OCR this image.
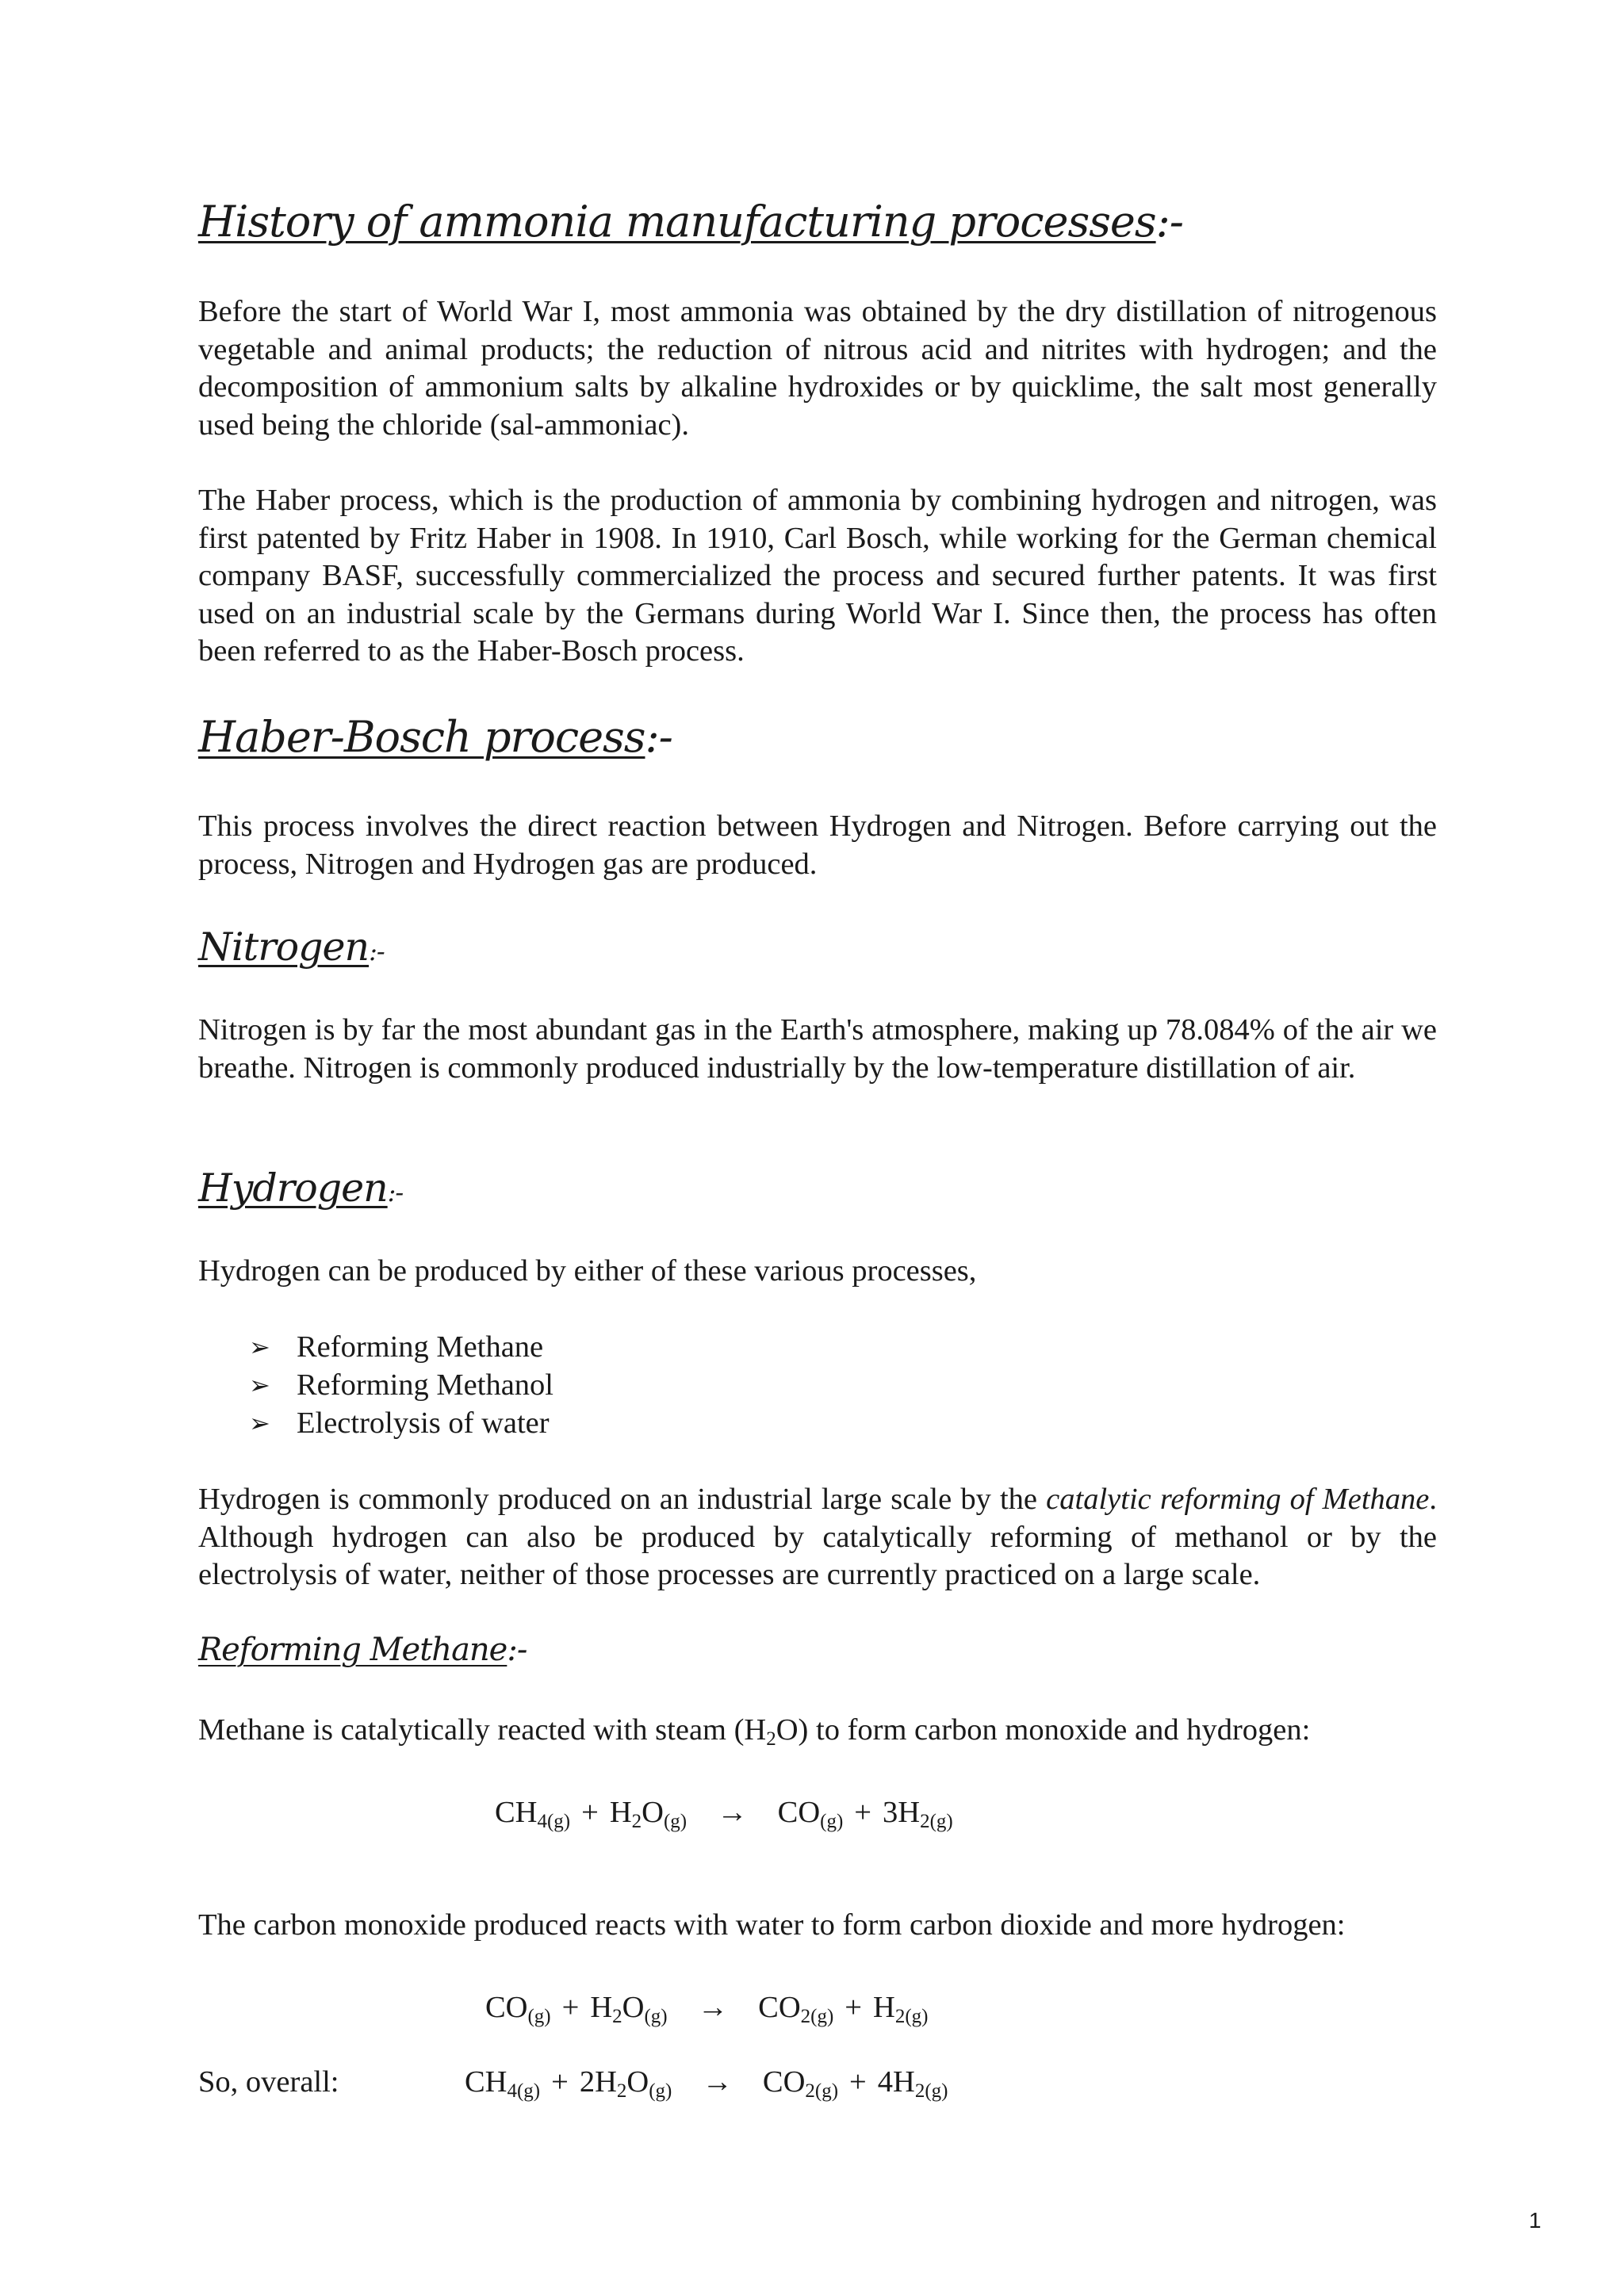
History of ammonia manufacturing processes:-

Before the start of World War I, most ammonia was obtained by the dry distillation of nitrogenous vegetable and animal products; the reduction of nitrous acid and nitrites with hydrogen; and the decomposition of ammonium salts by alkaline hydroxides or by quicklime, the salt most generally used being the chloride (sal-ammoniac).

The Haber process, which is the production of ammonia by combining hydrogen and nitrogen, was first patented by Fritz Haber in 1908. In 1910, Carl Bosch, while working for the German chemical company BASF, successfully commercialized the process and secured further patents. It was first used on an industrial scale by the Germans during World War I. Since then, the process has often been referred to as the Haber-Bosch process.

Haber-Bosch process:-

This process involves the direct reaction between Hydrogen and Nitrogen. Before carrying out the process, Nitrogen and Hydrogen gas are produced.

Nitrogen:-

Nitrogen is by far the most abundant gas in the Earth's atmosphere, making up 78.084% of the air we breathe. Nitrogen is commonly produced industrially by the low-temperature distillation of air.

Hydrogen:-

Hydrogen can be produced by either of these various processes,

➢ Reforming Methane
➢ Reforming Methanol
➢ Electrolysis of water

Hydrogen is commonly produced on an industrial large scale by the catalytic reforming of Methane. Although hydrogen can also be produced by catalytically reforming of methanol or by the electrolysis of water, neither of those processes are currently practiced on a large scale.

Reforming Methane:-

Methane is catalytically reacted with steam (H2O) to form carbon monoxide and hydrogen:

$CH_{4(g)} + H_2O_{(g)} \to CO_{(g)} + 3H_{2(g)}$

The carbon monoxide produced reacts with water to form carbon dioxide and more hydrogen:

$CO_{(g)} + H_2O_{(g)} \to CO_{2(g)} + H_{2(g)}$
So, overall:	$CH_{4(g)} + 2H_2O_{(g)} \to CO_{2(g)} + 4H_{2(g)}$
1
